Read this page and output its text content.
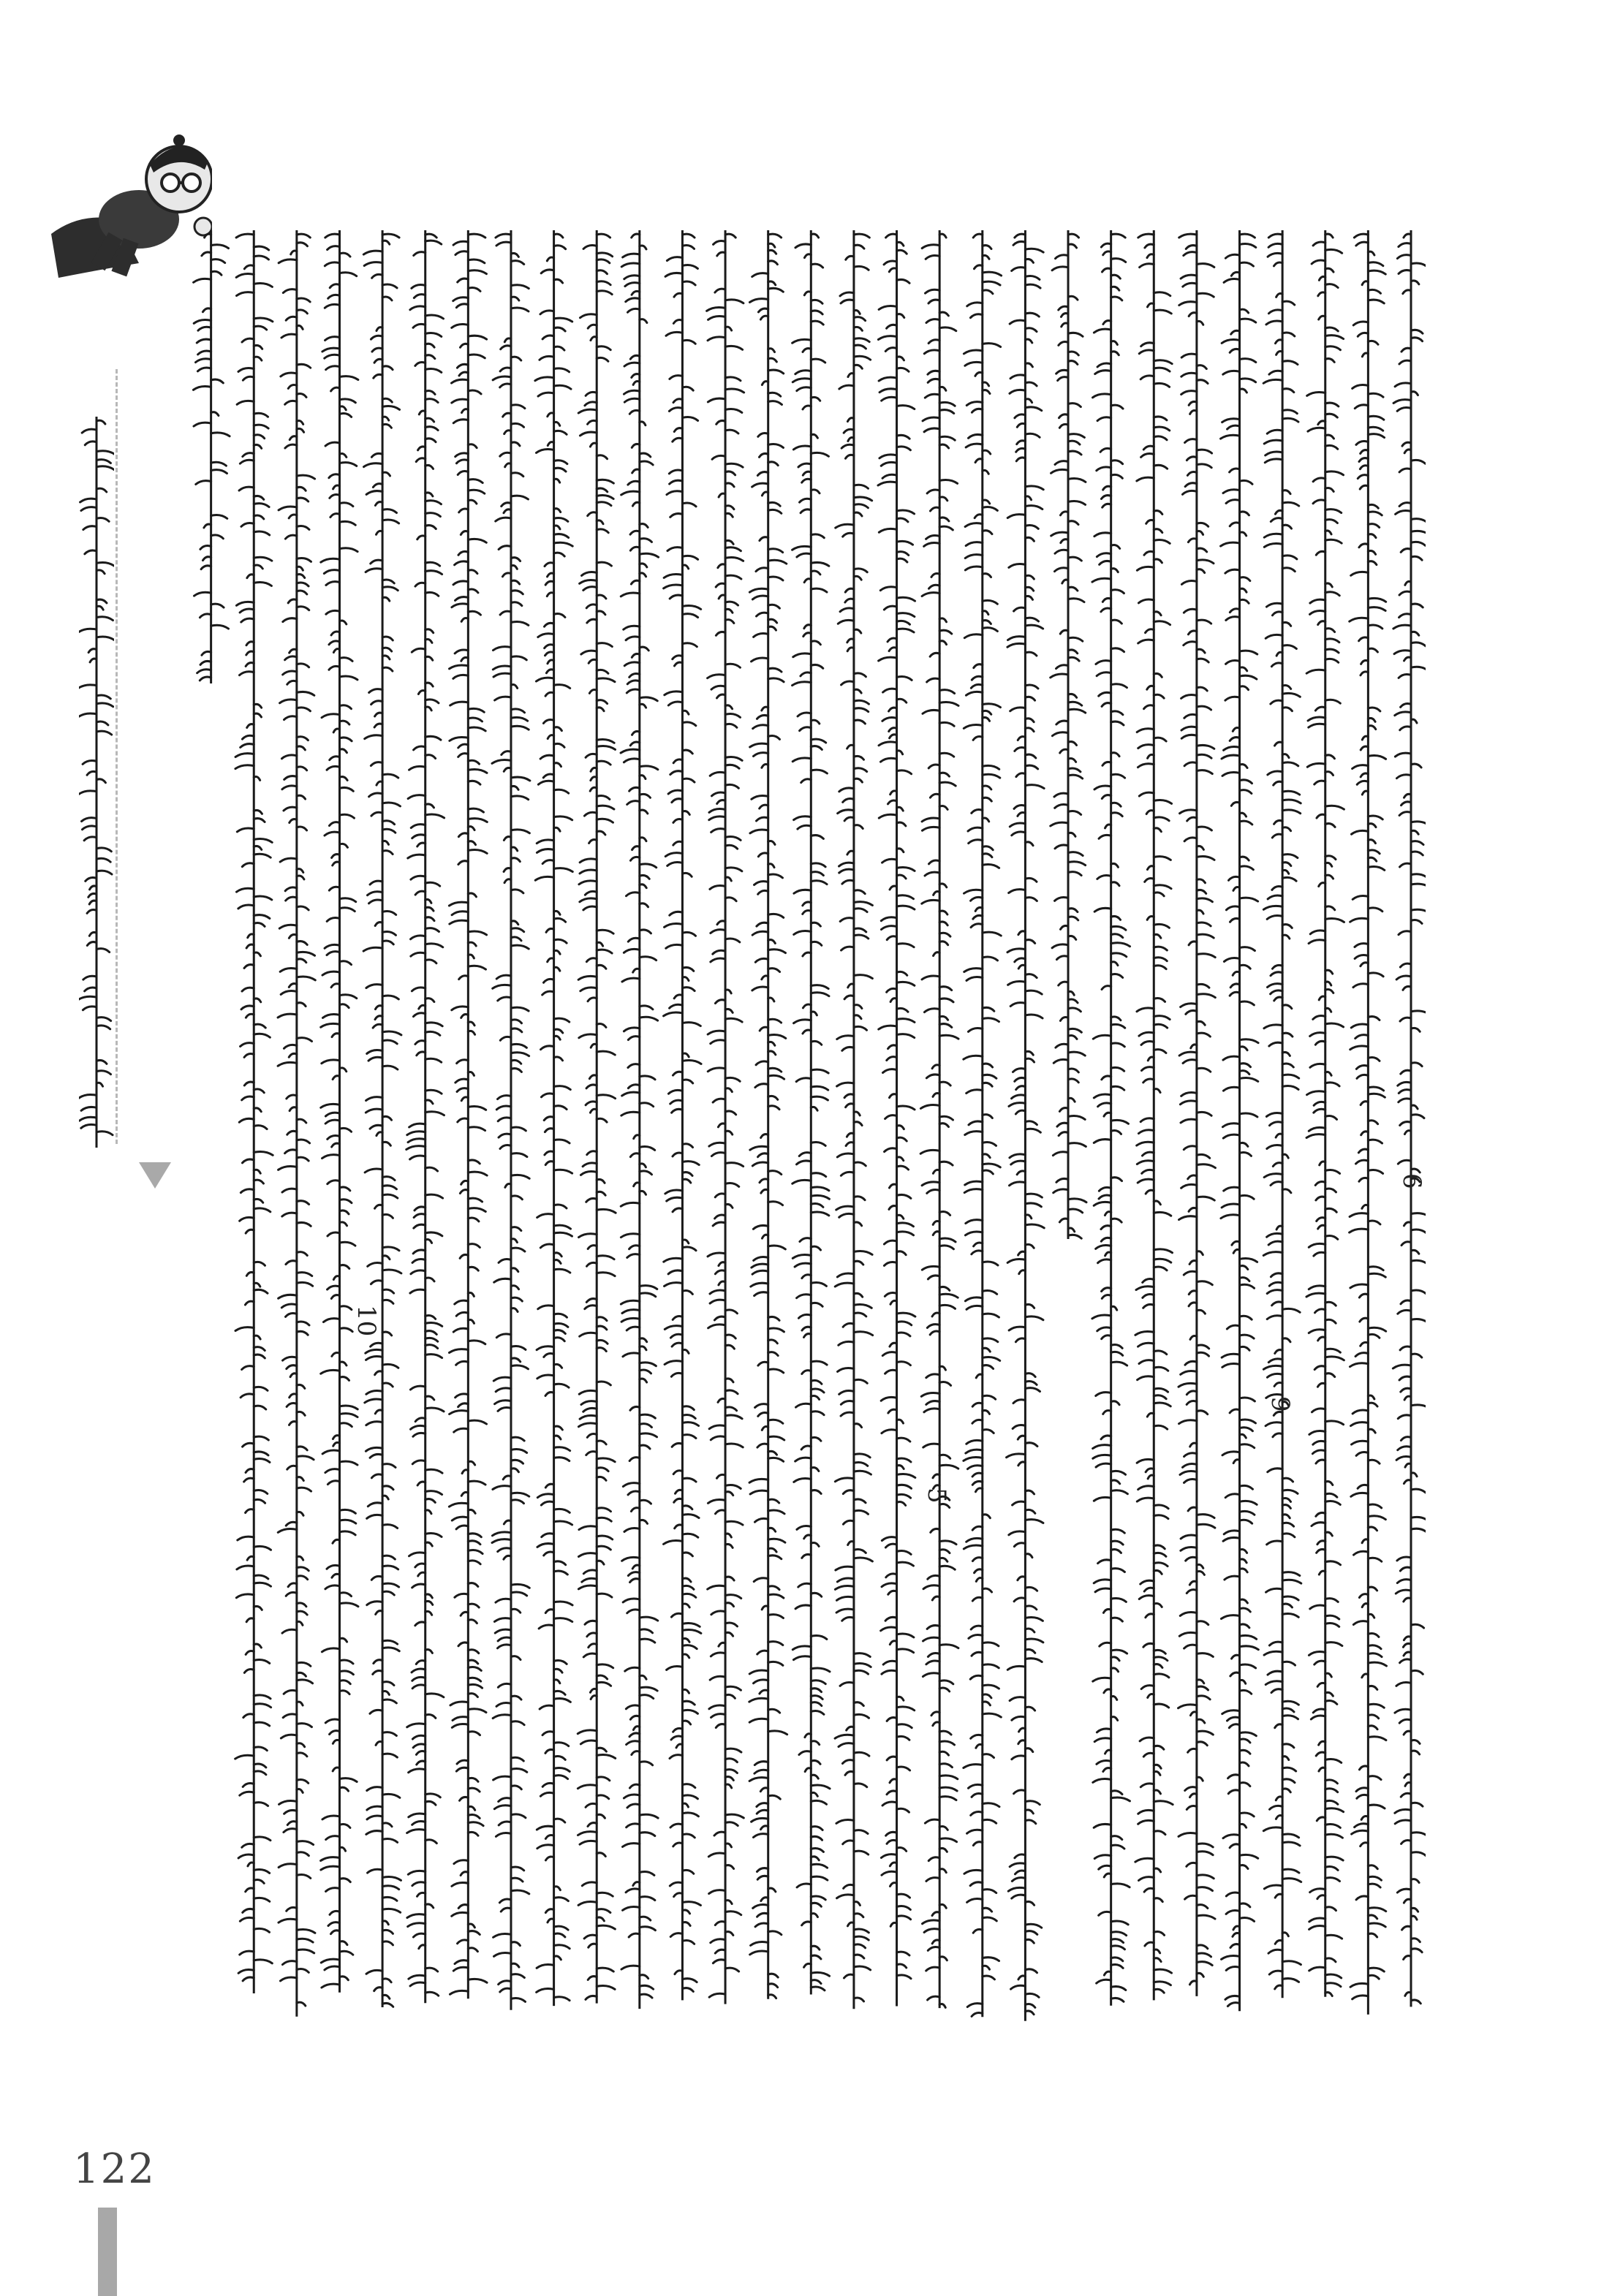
6
9
5
10
122
